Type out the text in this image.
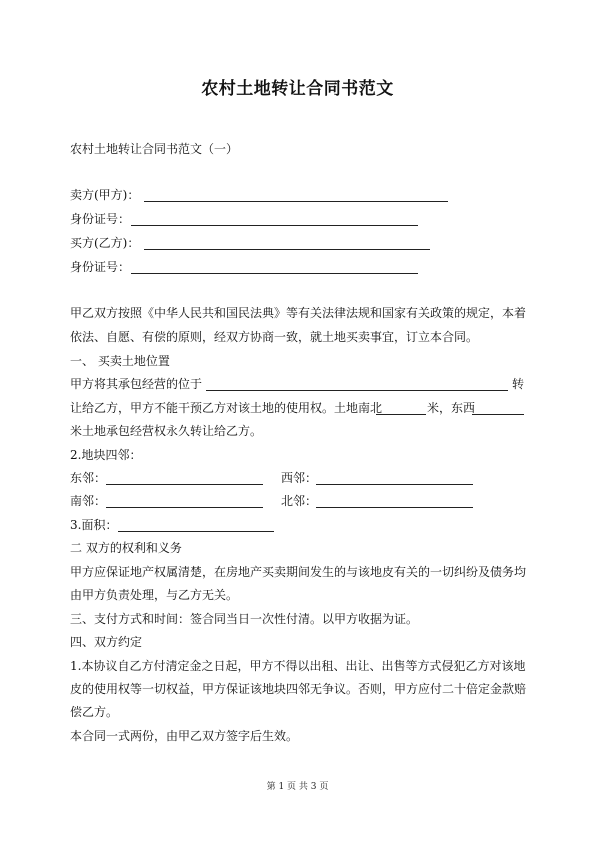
农村土地转让合同书范文

农村土地转让合同书范文（一）

卖方(甲方)：

身份证号：

买方(乙方)：

身份证号：

甲乙双方按照《中华人民共和国民法典》等有关法律法规和国家有关政策的规定，本着

依法、自愿、有偿的原则，经双方协商一致，就土地买卖事宜，订立本合同。

一、 买卖土地位置

甲方将其承包经营的位于	转

让给乙方，甲方不能干预乙方对该土地的使用权。土地南北	米，东西

米土地承包经营权永久转让给乙方。

2.地块四邻：

东邻：	西邻：

南邻：	北邻：

3.面积：

二 双方的权利和义务

甲方应保证地产权属清楚，在房地产买卖期间发生的与该地皮有关的一切纠纷及债务均

由甲方负责处理，与乙方无关。

三、支付方式和时间：签合同当日一次性付清。以甲方收据为证。

四、双方约定

1.本协议自乙方付清定金之日起，甲方不得以出租、出让、出售等方式侵犯乙方对该地

皮的使用权等一切权益，甲方保证该地块四邻无争议。否则，甲方应付二十倍定金款赔

偿乙方。

本合同一式两份，由甲乙双方签字后生效。

第 1 页 共 3 页
